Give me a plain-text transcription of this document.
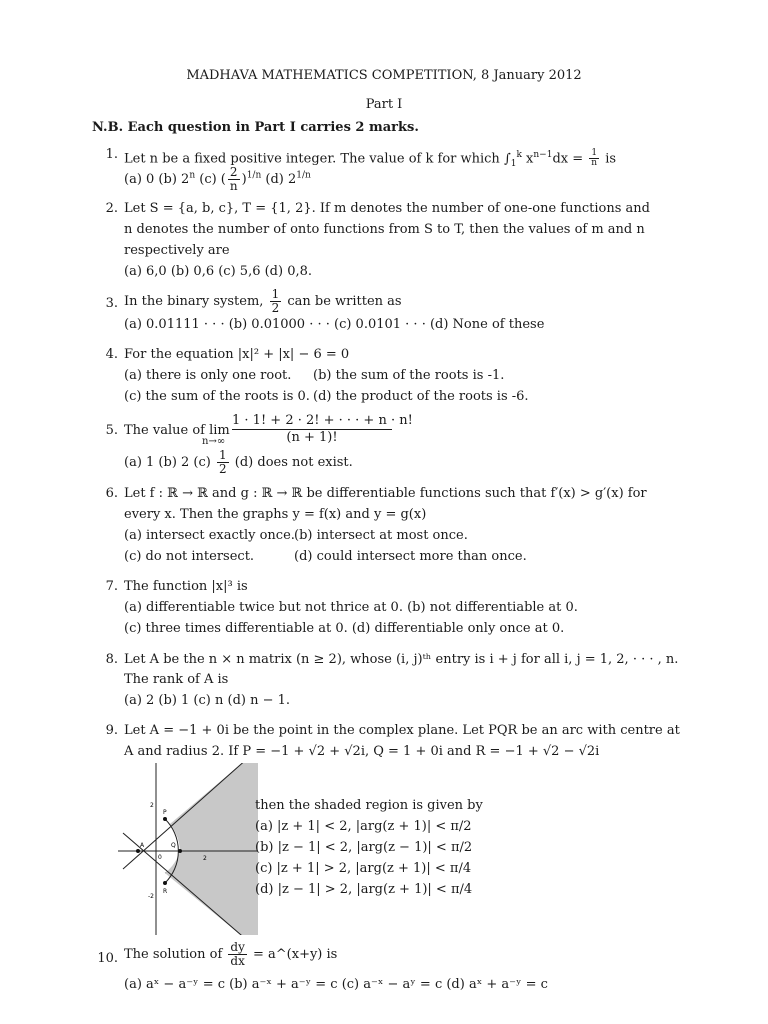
MADHAVA MATHEMATICS COMPETITION, 8 January 2012
Part I
N.B. Each question in Part I carries 2 marks.
1. Let n be a fixed positive integer. The value of k for which $\int_1^k$ $x^{n-1}dx = \frac{1}{n}$ is
(a) 0 (b) 2$^n$ (c) ( $\frac{2}{n} )^{1/n}$ (d) $2^{1/n}$
2. Let S = {a, b, c}, T = {1, 2}. If m denotes the number of one-one functions and
n denotes the number of onto functions from S to T, then the values of m and n
respectively are
(a) 6,0 (b) 0,6 (c) 5,6 (d) 0,8.
3. In the binary system, $\frac{1}{2}$ can be written as
(a) 0.01111 · · · (b) 0.01000 · · · (c) 0.0101 · · · (d) None of these
4. For the equation |x|² + |x| − 6 = 0
(a) there is only one root. (b) the sum of the roots is -1.
(c) the sum of the roots is 0. (d) the product of the roots is -6.
5. The value of lim
n→∞
1 · 1! + 2 · 2! + · · · + n · n!
(n + 1)!
(a) 1 (b) 2 $(c) \frac{1}{2} (d)$ does not exist.
6. Let f : ℝ → ℝ and g : ℝ → ℝ be differentiable functions such that f′(x) > g′(x) for
every x. Then the graphs y = f(x) and y = g(x)
(a) intersect exactly once. (b) intersect at most once.
(c) do not intersect.	(d) could intersect more than once.
7. The function |x|³ is
(a) differentiable twice but not thrice at 0. (b) not differentiable at 0.
(c) three times differentiable at 0. (d) differentiable only once at 0.
8. Let A be the n × n matrix (n ≥ 2), whose (i, j)ᵗʰ entry is i + j for all i, j = 1, 2, · · · , n.
The rank of A is
(a) 2 (b) 1 (c) n (d) n − 1.
9. Let A = −1 + 0i be the point in the complex plane. Let PQR be an arc with centre at
A and radius 2. If P = −1 + √2 + √2i, Q = 1 + 0i and R = −1 + √2 − √2i
P
Q
R
A
0	2
2
-2
then the shaded region is given by
(a) |z + 1| < 2, |arg(z + 1)| < π/2
(b) |z − 1| < 2, |arg(z − 1)| < π/2
(c) |z + 1| > 2, |arg(z + 1)| < π/4
(d) |z − 1| > 2, |arg(z + 1)| < π/4
10. The solution of $\frac{dy}{dx}$ = a^(x+y) is
(a) aˣ − a⁻ʸ = c (b) a⁻ˣ + a⁻ʸ = c (c) a⁻ˣ − aʸ = c (d) aˣ + a⁻ʸ = c
